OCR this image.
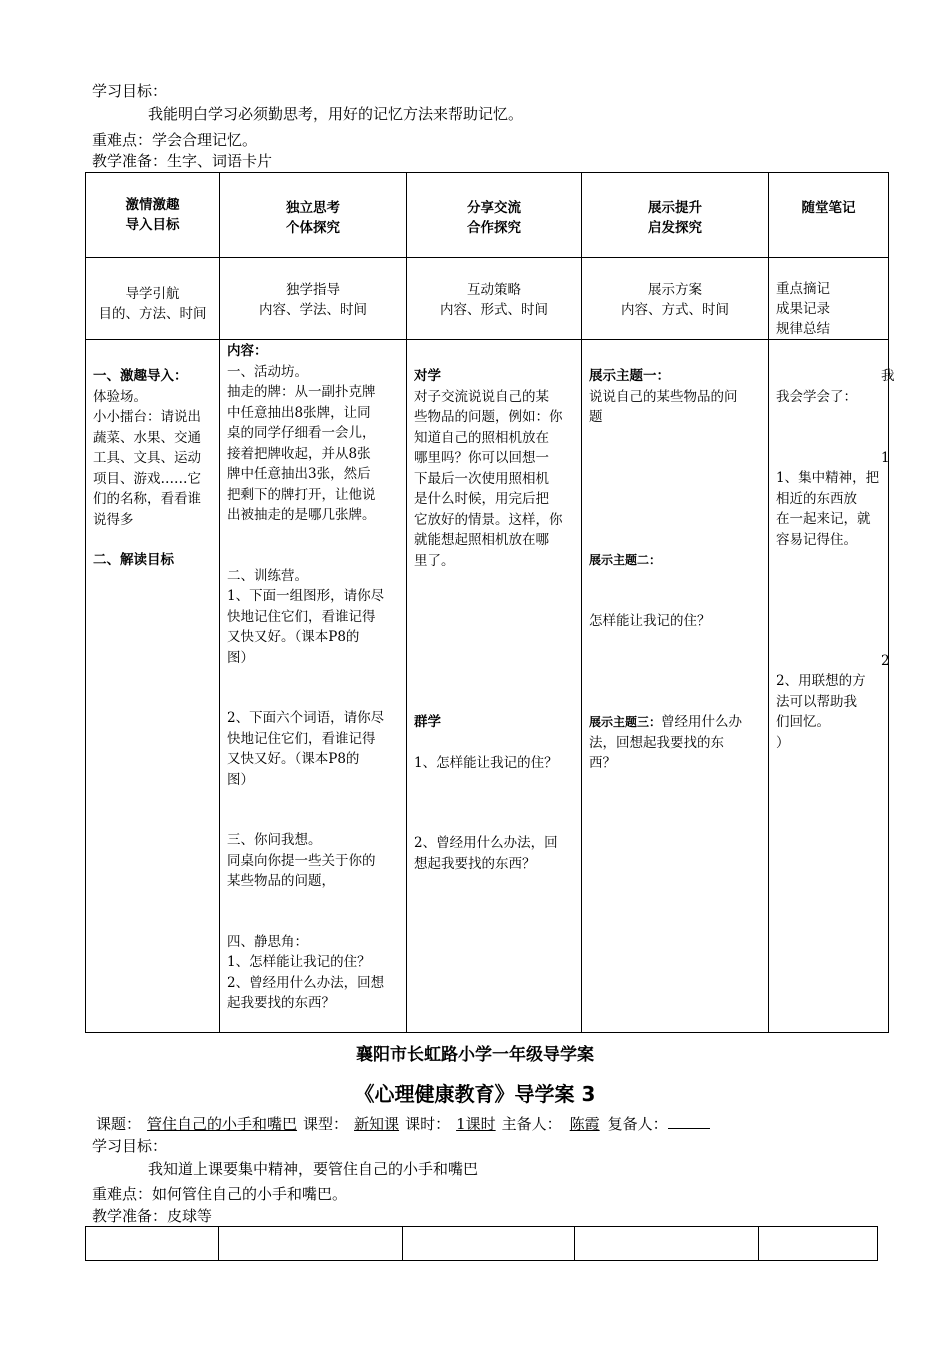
学习目标：
我能明白学习必须勤思考，用好的记忆方法来帮助记忆。
重难点：学会合理记忆。
教学准备：生字、词语卡片
激情激趣
导入目标
独立思考
个体探究
分享交流
合作探究
展示提升
启发探究
随堂笔记
导学引航
目的、方法、时间
独学指导
内容、学法、时间
互动策略
内容、形式、时间
展示方案
内容、方式、时间
重点摘记
成果记录
规律总结

一、激趣导入：

体验场。

小小擂台：请说出

蔬菜、水果、交通

工具、文具、运动

项目、游戏……它

们的名称，看看谁

说得多

二、解读目标

内容：

一、活动坊。

抽走的牌：从一副扑克牌

中任意抽出8张牌，让同

桌的同学仔细看一会儿，

接着把牌收起，并从8张

牌中任意抽出3张，然后

把剩下的牌打开，让他说

出被抽走的是哪几张牌。

二、训练营。

1、下面一组图形，请你尽

快地记住它们，看谁记得

又快又好。（课本P8的

图）

2、下面六个词语，请你尽

快地记住它们，看谁记得

又快又好。（课本P8的

图）

三、你问我想。

同桌向你提一些关于你的

某些物品的问题，

四、静思角：

1、怎样能让我记的住？

2、曾经用什么办法，回想

起我要找的东西？

对学

对子交流说说自己的某

些物品的问题，例如：你

知道自己的照相机放在

哪里吗？你可以回想一

下最后一次使用照相机

是什么时候，用完后把

它放好的情景。这样，你

就能想起照相机放在哪

里了。

群学

1、怎样能让我记的住？

2、曾经用什么办法，回

想起我要找的东西？

展示主题一：

说说自己的某些物品的问

题

展示主题二：

怎样能让我记的住？

展示主题三：曾经用什么办

法，回想起我要找的东

西？

我
我会学会了：
1

1、集中精神，把

相近的东西放

在一起来记，就

容易记得住。

2

2、用联想的方

法可以帮助我

们回忆。

）

襄阳市长虹路小学一年级导学案
《心理健康教育》导学案 3
课题： 管住自己的小手和嘴巴 课型： 新知课 课时： 1课时 主备人： 陈霞 复备人：
学习目标：
我知道上课要集中精神，要管住自己的小手和嘴巴
重难点：如何管住自己的小手和嘴巴。
教学准备：皮球等
